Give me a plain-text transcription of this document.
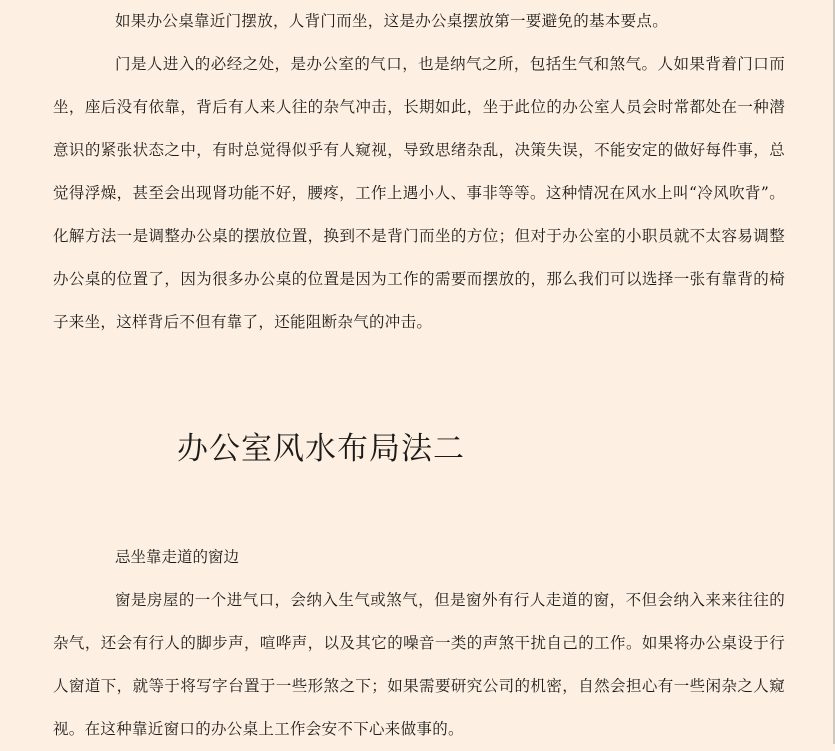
如果办公桌靠近门摆放，人背门而坐，这是办公桌摆放第一要避免的基本要点。

门是人进入的必经之处，是办公室的气口，也是纳气之所，包括生气和煞气。人如果背着门口而坐，座后没有依靠，背后有人来人往的杂气冲击，长期如此，坐于此位的办公室人员会时常都处在一种潜意识的紧张状态之中，有时总觉得似乎有人窥视，导致思绪杂乱，决策失误，不能安定的做好每件事，总觉得浮燥，甚至会出现肾功能不好，腰疼，工作上遇小人、事非等等。这种情况在风水上叫“冷风吹背”。化解方法一是调整办公桌的摆放位置，换到不是背门而坐的方位；但对于办公室的小职员就不太容易调整办公桌的位置了，因为很多办公桌的位置是因为工作的需要而摆放的，那么我们可以选择一张有靠背的椅子来坐，这样背后不但有靠了，还能阻断杂气的冲击。

办公室风水布局法二

忌坐靠走道的窗边

窗是房屋的一个进气口，会纳入生气或煞气，但是窗外有行人走道的窗，不但会纳入来来往往的杂气，还会有行人的脚步声，喧哗声，以及其它的噪音一类的声煞干扰自己的工作。如果将办公桌设于行人窗道下，就等于将写字台置于一些形煞之下；如果需要研究公司的机密，自然会担心有一些闲杂之人窥视。在这种靠近窗口的办公桌上工作会安不下心来做事的。
